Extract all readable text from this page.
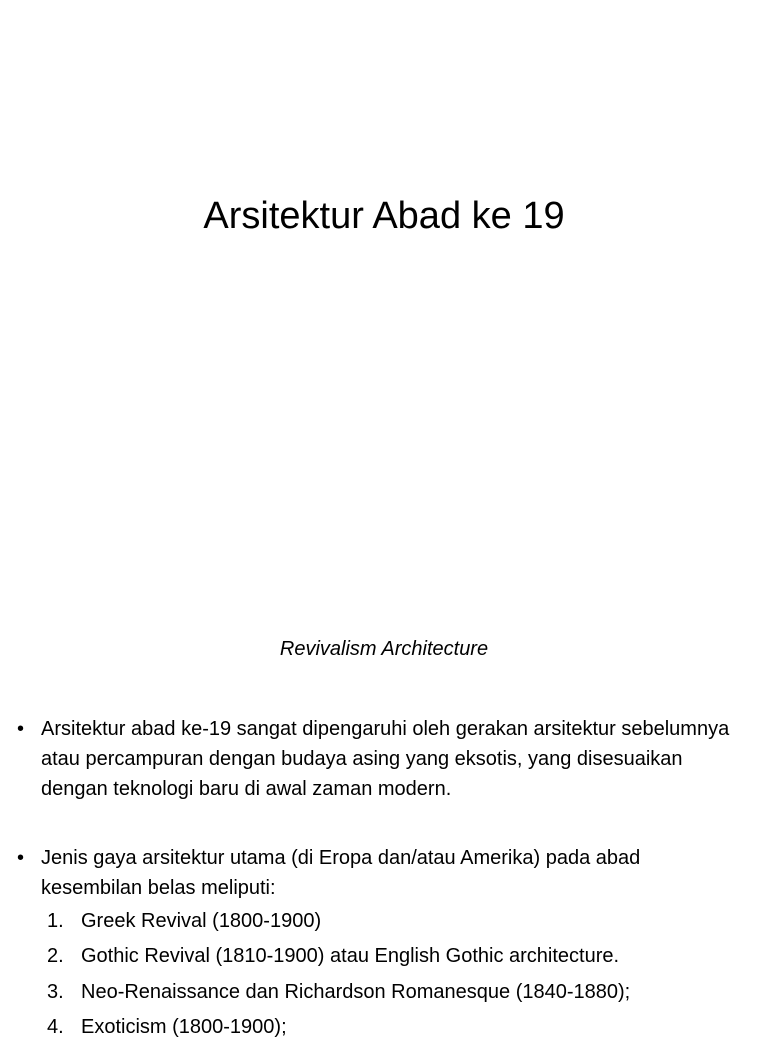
Arsitektur Abad ke 19
Revivalism Architecture
• Arsitektur abad ke-19 sangat dipengaruhi oleh gerakan arsitektur sebelumnya atau percampuran dengan budaya asing yang eksotis, yang disesuaikan dengan teknologi baru di awal zaman modern.
• Jenis gaya arsitektur utama (di Eropa dan/atau Amerika) pada abad kesembilan belas meliputi:
1. Greek Revival (1800-1900)
2. Gothic Revival (1810-1900) atau English Gothic architecture.
3. Neo-Renaissance dan Richardson Romanesque (1840-1880);
4. Exoticism (1800-1900);
